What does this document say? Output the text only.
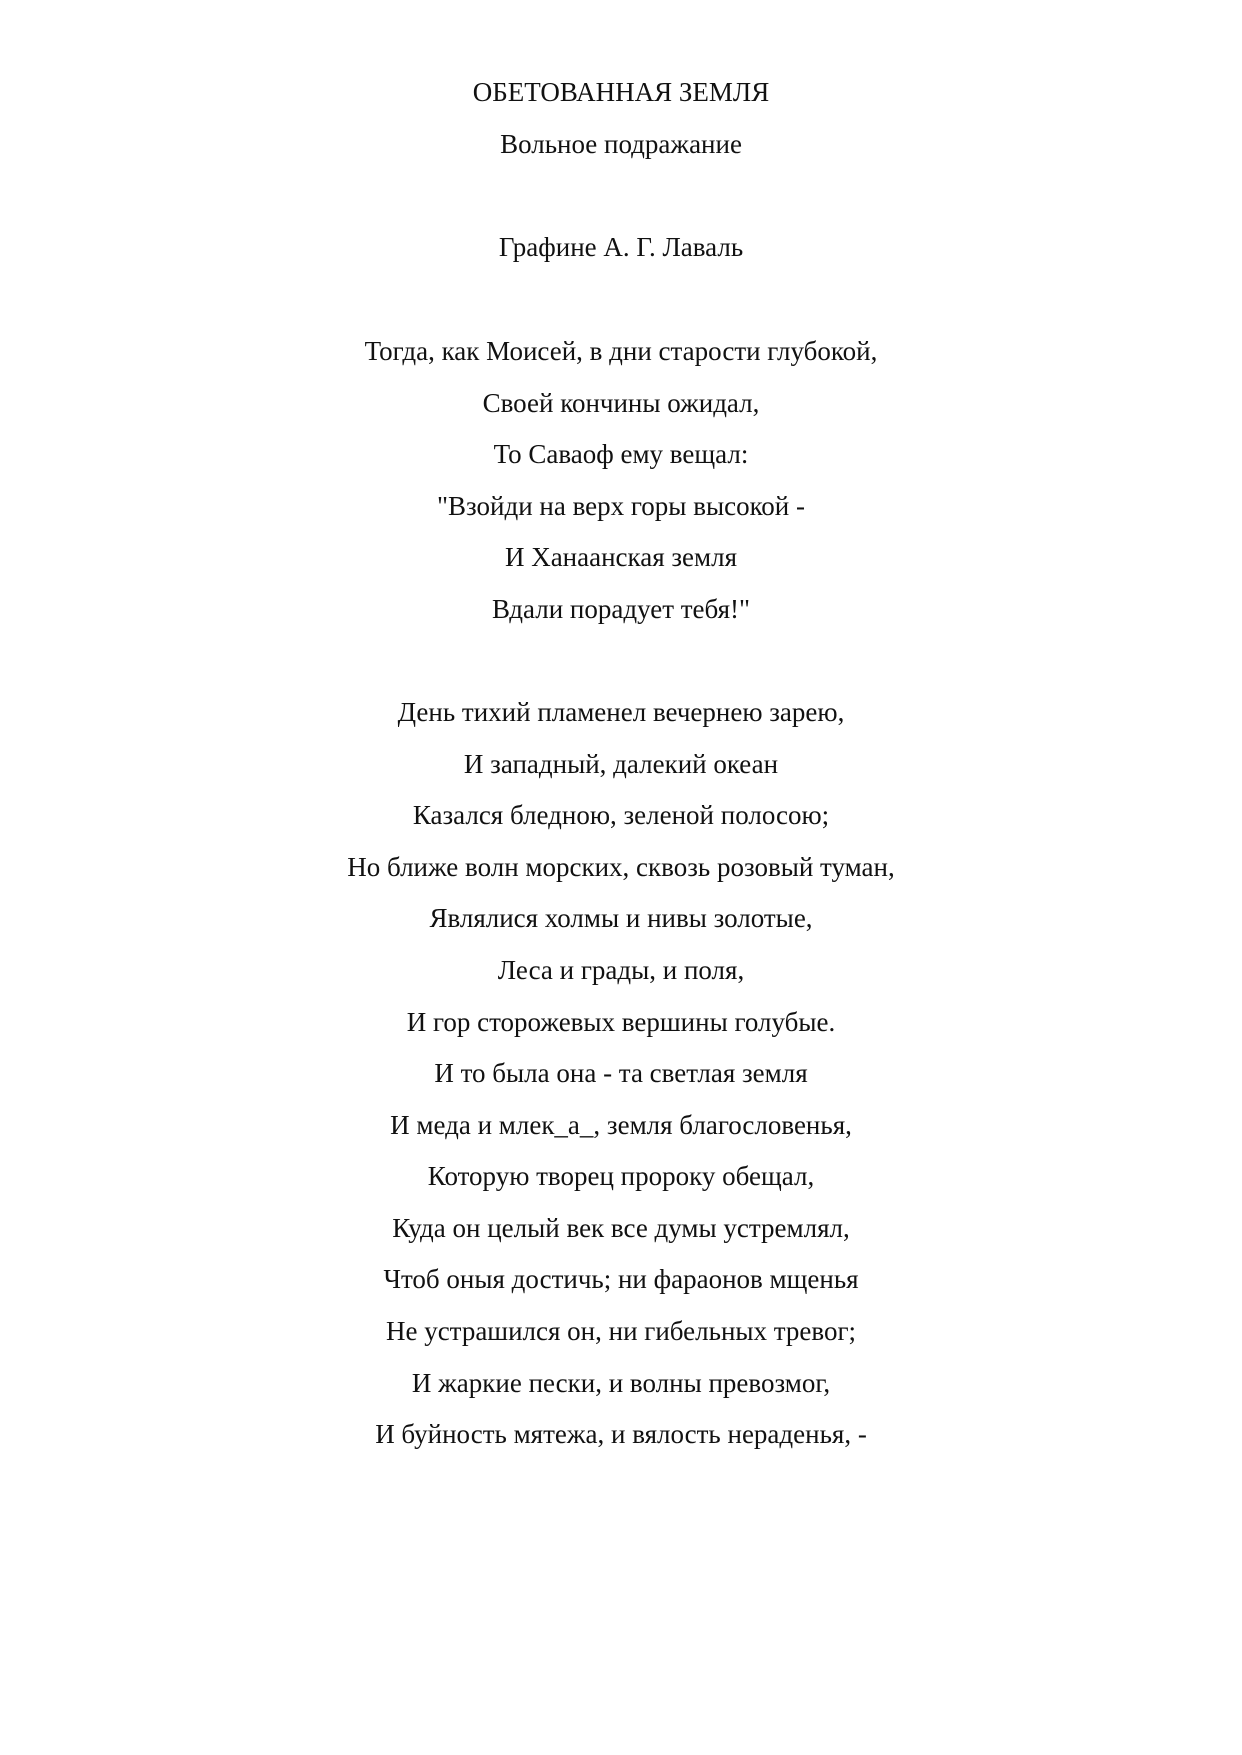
ОБЕТОВАННАЯ ЗЕМЛЯ
Вольное подражание
Графине А. Г. Лаваль
Тогда, как Моисей, в дни старости глубокой,
Своей кончины ожидал,
То Саваоф ему вещал:
"Взойди на верх горы высокой -
И Ханаанская земля
Вдали порадует тебя!"
День тихий пламенел вечернею зарею,
И западный, далекий океан
Казался бледною, зеленой полосою;
Но ближе волн морских, сквозь розовый туман,
Являлися холмы и нивы золотые,
Леса и грады, и поля,
И гор сторожевых вершины голубые.
И то была она - та светлая земля
И меда и млек_а_, земля благословенья,
Которую творец пророку обещал,
Куда он целый век все думы устремлял,
Чтоб оныя достичь; ни фараонов мщенья
Не устрашился он, ни гибельных тревог;
И жаркие пески, и волны превозмог,
И буйность мятежа, и вялость нераденья, -
